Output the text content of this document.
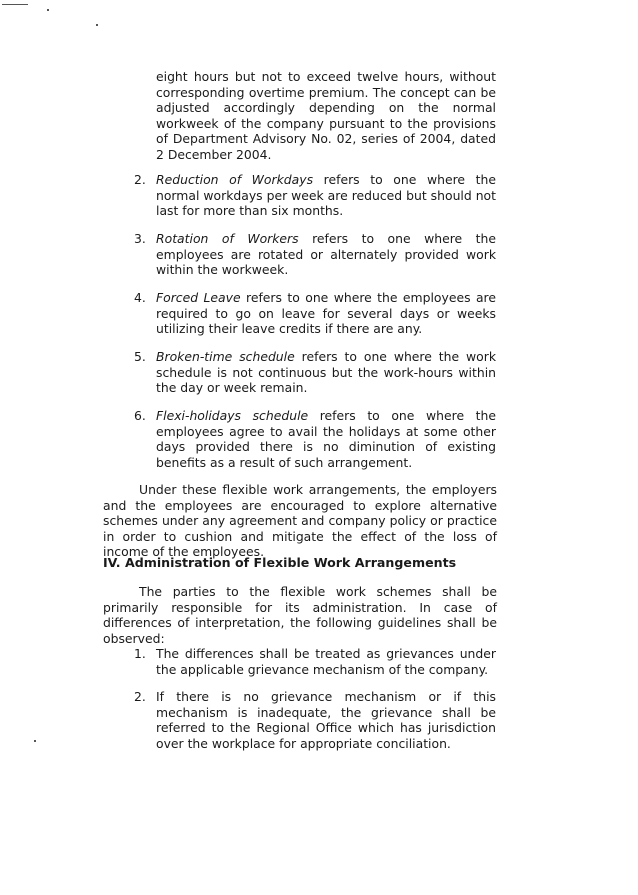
eight hours but not to exceed twelve hours, without corresponding overtime premium. The concept can be adjusted accordingly depending on the normal workweek of the company pursuant to the provisions of Department Advisory No. 02, series of 2004, dated 2 December 2004.
2. Reduction of Workdays refers to one where the normal workdays per week are reduced but should not last for more than six months.
3. Rotation of Workers refers to one where the employees are rotated or alternately provided work within the workweek.
4. Forced Leave refers to one where the employees are required to go on leave for several days or weeks utilizing their leave credits if there are any.
5. Broken-time schedule refers to one where the work schedule is not continuous but the work-hours within the day or week remain.
6. Flexi-holidays schedule refers to one where the employees agree to avail the holidays at some other days provided there is no diminution of existing benefits as a result of such arrangement.
Under these flexible work arrangements, the employers and the employees are encouraged to explore alternative schemes under any agreement and company policy or practice in order to cushion and mitigate the effect of the loss of income of the employees.
IV. Administration of Flexible Work Arrangements
The parties to the flexible work schemes shall be primarily responsible for its administration. In case of differences of interpretation, the following guidelines shall be observed:
1. The differences shall be treated as grievances under the applicable grievance mechanism of the company.
2. If there is no grievance mechanism or if this mechanism is inadequate, the grievance shall be referred to the Regional Office which has jurisdiction over the workplace for appropriate conciliation.
